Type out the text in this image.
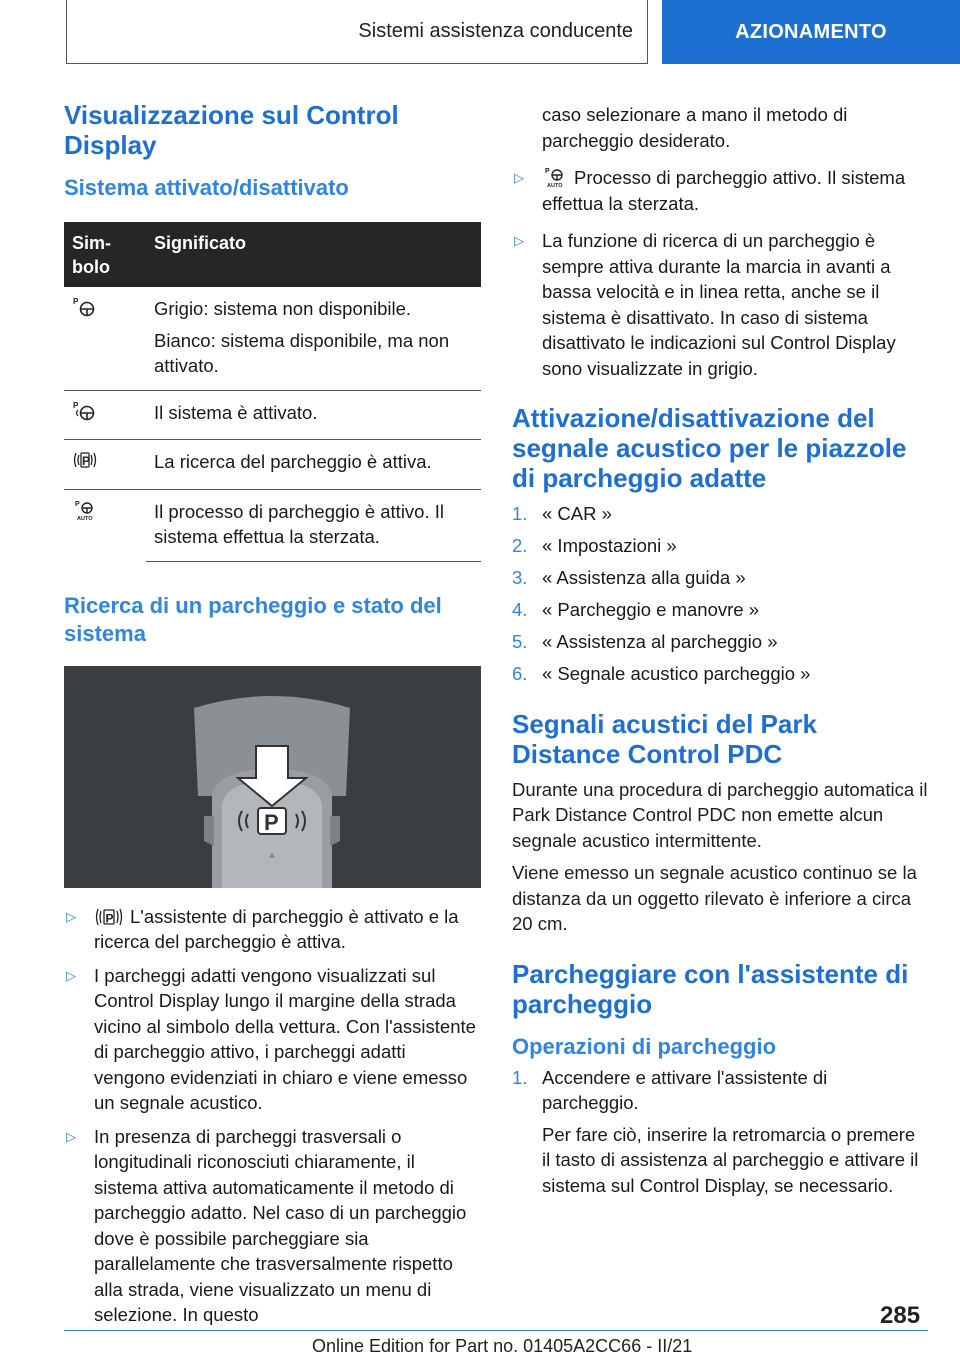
Sistemi assistenza conducente	AZIONAMENTO
Visualizzazione sul Control Display
Sistema attivato/disattivato
Sim-bolo	Significato

P	Grigio: sistema non disponibile.

Bianco: sistema disponibile, ma non attivato.

P	Il sistema è attivato.

P	La ricerca del parcheggio è attiva.

P
AUTO	Il processo di parcheggio è attivo. Il sistema effettua la sterzata.

Ricerca di un parcheggio e stato del sistema
P
▷ P L'assistente di parcheggio è attivato e la ricerca del parcheggio è attiva.
▷ I parcheggi adatti vengono visualizzati sul Control Display lungo il margine della strada vicino al simbolo della vettura. Con l'assistente di parcheggio attivo, i parcheggi adatti vengono evidenziati in chiaro e viene emesso un segnale acustico.
▷ In presenza di parcheggi trasversali o longitudinali riconosciuti chiaramente, il sistema attiva automaticamente il metodo di parcheggio adatto. Nel caso di un parcheggio dove è possibile parcheggiare sia parallelamente che trasversalmente rispetto alla strada, viene visualizzato un menu di selezione. In questo
caso selezionare a mano il metodo di parcheggio desiderato.
▷	P
AUTO Processo di parcheggio attivo. Il sistema effettua la sterzata.
▷ La funzione di ricerca di un parcheggio è sempre attiva durante la marcia in avanti a bassa velocità e in linea retta, anche se il sistema è disattivato. In caso di sistema disattivato le indicazioni sul Control Display sono visualizzate in grigio.
Attivazione/disattivazione del segnale acustico per le piazzole di parcheggio adatte
1. « CAR »
2. « Impostazioni »
3. « Assistenza alla guida »
4. « Parcheggio e manovre »
5. « Assistenza al parcheggio »
6. « Segnale acustico parcheggio »
Segnali acustici del Park Distance Control PDC

Durante una procedura di parcheggio automatica il Park Distance Control PDC non emette alcun segnale acustico intermittente.

Viene emesso un segnale acustico continuo se la distanza da un oggetto rilevato è inferiore a circa 20 cm.

Parcheggiare con l'assistente di parcheggio
Operazioni di parcheggio
1. Accendere e attivare l'assistente di parcheggio.

Per fare ciò, inserire la retromarcia o premere il tasto di assistenza al parcheggio e attivare il sistema sul Control Display, se necessario.

285
Online Edition for Part no. 01405A2CC66 - II/21
